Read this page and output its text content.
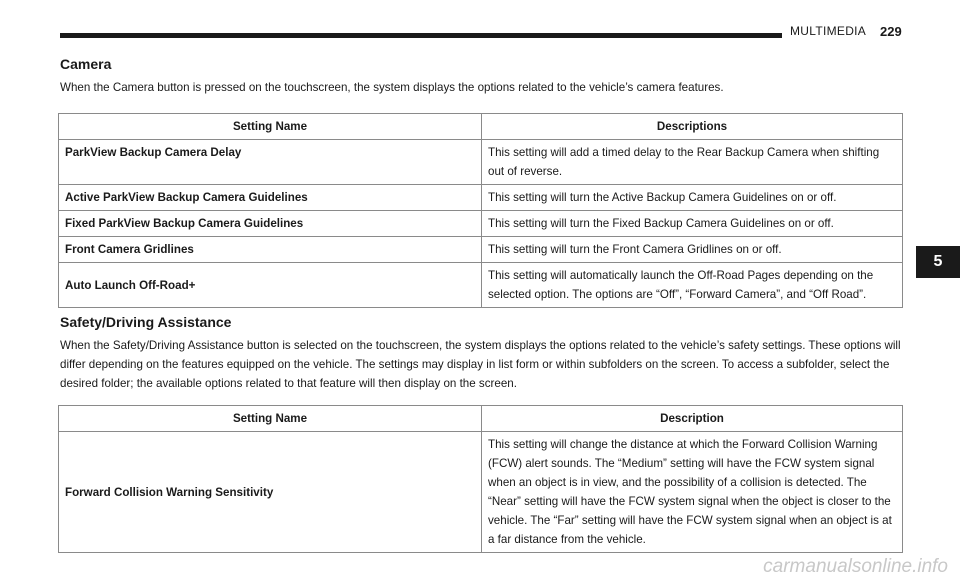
MULTIMEDIA 229
5
Camera

When the Camera button is pressed on the touchscreen, the system displays the options related to the vehicle’s camera features.

Setting Name	Descriptions
ParkView Backup Camera Delay	This setting will add a timed delay to the Rear Backup Camera when shifting out of reverse.
Active ParkView Backup Camera Guidelines	This setting will turn the Active Backup Camera Guidelines on or off.
Fixed ParkView Backup Camera Guidelines	This setting will turn the Fixed Backup Camera Guidelines on or off.
Front Camera Gridlines	This setting will turn the Front Camera Gridlines on or off.
Auto Launch Off-Road+	This setting will automatically launch the Off-Road Pages depending on the selected option. The options are “Off”, “Forward Camera”, and “Off Road”.
Safety/Driving Assistance

When the Safety/Driving Assistance button is selected on the touchscreen, the system displays the options related to the vehicle’s safety settings. These options will differ depending on the features equipped on the vehicle. The settings may display in list form or within subfolders on the screen. To access a subfolder, select the desired folder; the available options related to that feature will then display on the screen.

Setting Name	Description
Forward Collision Warning Sensitivity	This setting will change the distance at which the Forward Collision Warning (FCW) alert sounds. The “Medium” setting will have the FCW system signal when an object is in view, and the possibility of a collision is detected. The “Near” setting will have the FCW system signal when the object is closer to the vehicle. The “Far” setting will have the FCW system signal when an object is at a far distance from the vehicle.
carmanualsonline.info
